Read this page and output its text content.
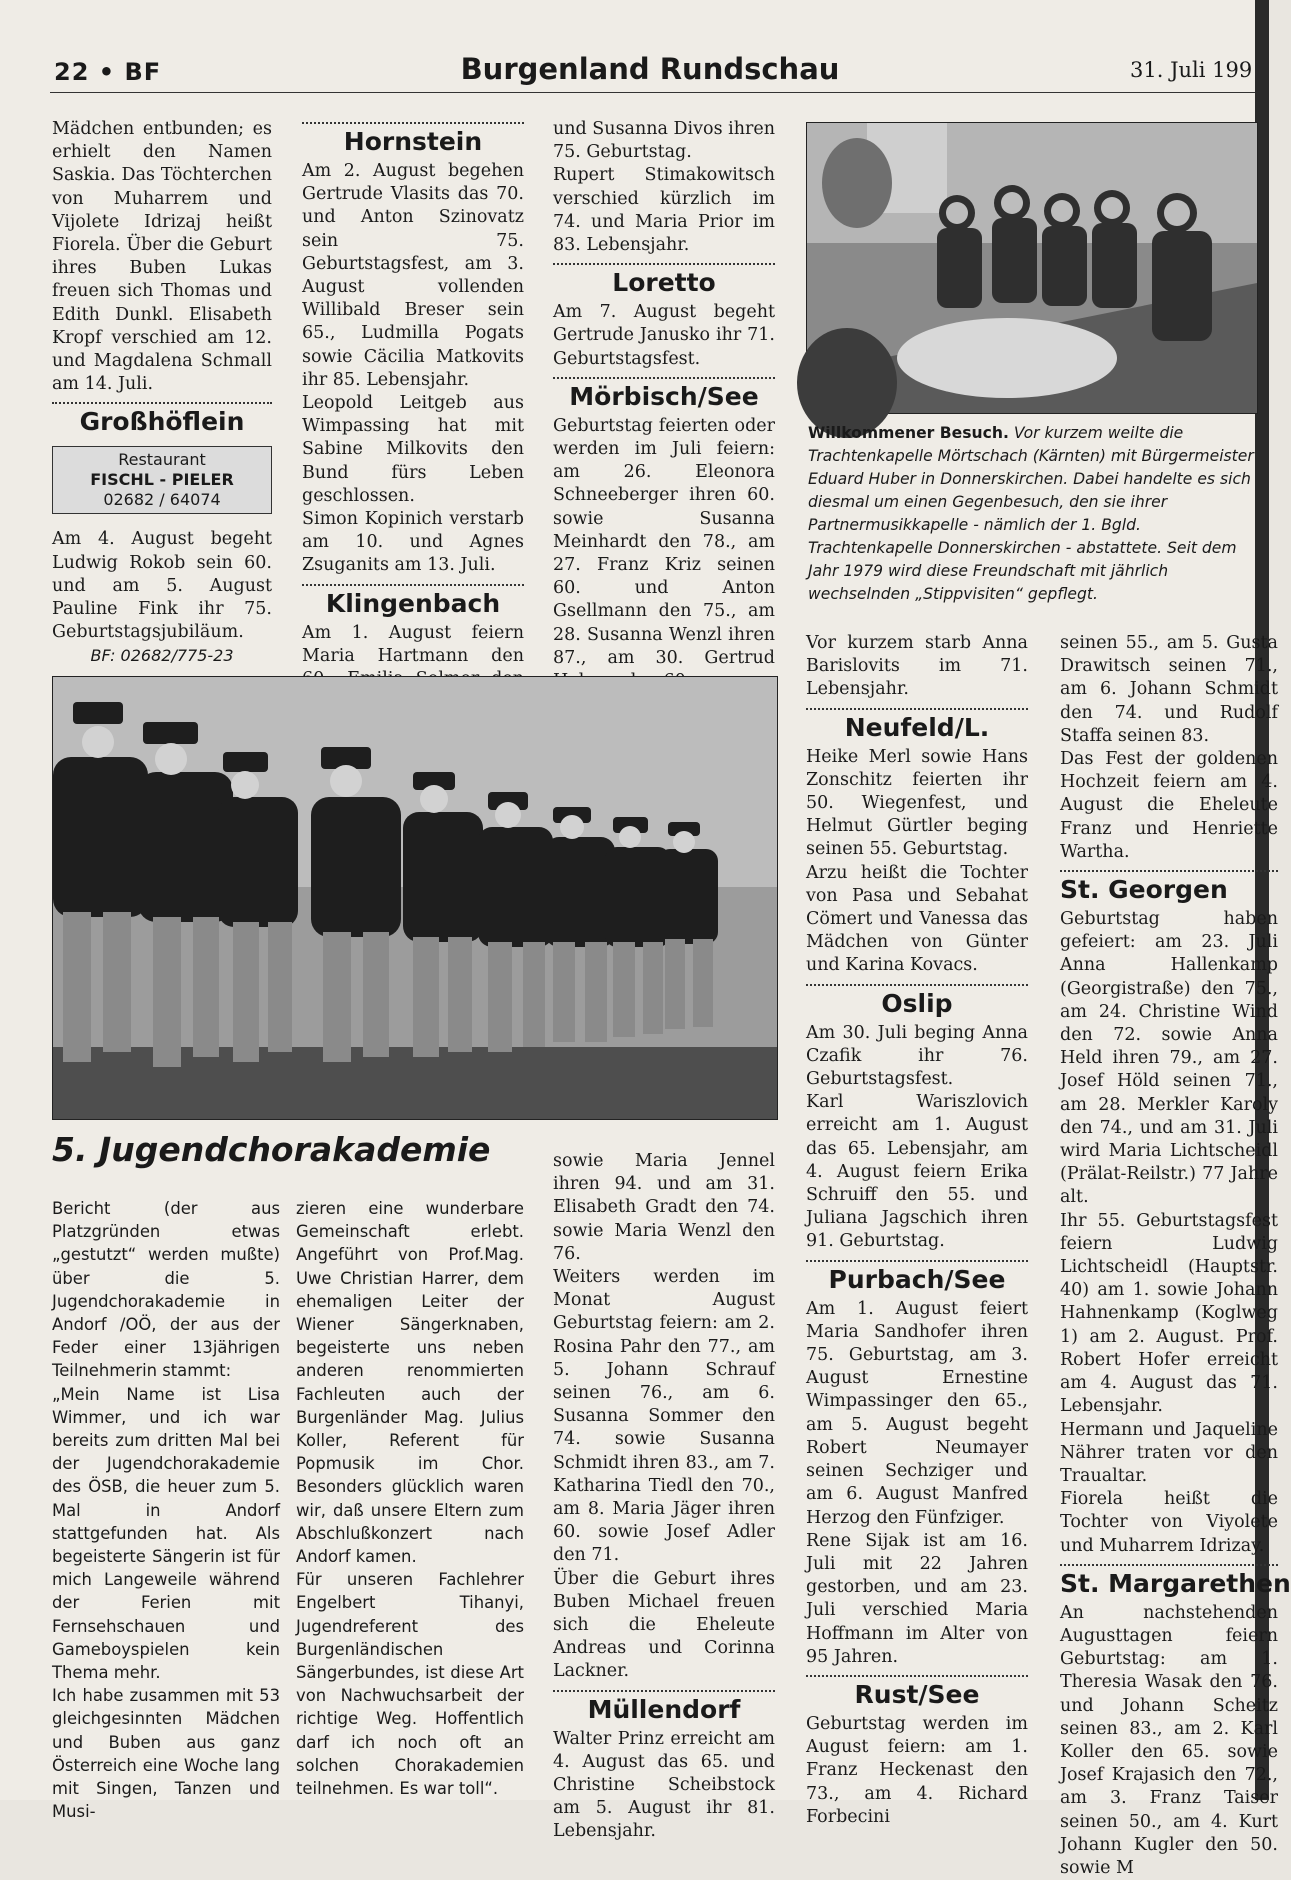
22 • BF	Burgenland Rundschau	31. Juli 199

Mädchen entbunden; es erhielt den Namen Saskia. Das Töchterchen von Muharrem und Vijolete Idrizaj heißt Fiorela. Über die Geburt ihres Buben Lukas freuen sich Thomas und Edith Dunkl. Elisabeth Kropf verschied am 12. und Magdalena Schmall am 14. Juli.

Großhöflein
Restaurant
FISCHL - PIELER
02682 / 64074

Am 4. August begeht Ludwig Rokob sein 60. und am 5. August Pauline Fink ihr 75. Geburtstagsjubiläum.

BF: 02682/775-23
Hornstein

Am 2. August begehen Gertrude Vlasits das 70. und Anton Szinovatz sein 75. Geburtstagsfest, am 3. August vollenden Willibald Breser sein 65., Ludmilla Pogats sowie Cäcilia Matkovits ihr 85. Lebensjahr.

Leopold Leitgeb aus Wimpassing hat mit Sabine Milkovits den Bund fürs Leben geschlossen.

Simon Kopinich verstarb am 10. und Agnes Zsuganits am 13. Juli.

Klingenbach

Am 1. August feiern Maria Hartmann den

und Susanna Divos ihren 75. Geburtstag.

Rupert Stimakowitsch verschied kürzlich im 74. und Maria Prior im 83. Lebensjahr.

Loretto

Am 7. August begeht Gertrude Janusko ihr 71. Geburtstagsfest.

Mörbisch/See

Geburtstag feierten oder werden im Juli feiern: am 26. Eleonora Schneeberger ihren 60. sowie Susanna Meinhardt den 78., am 27. Franz Kriz seinen 60. und Anton Gsellmann den 75., am 28. Susanna Wenzl ihren 87., am 30. Gertrud

Willkommener Besuch. Vor kurzem weilte die Trachtenkapelle Mörtschach (Kärnten) mit Bürgermeister Eduard Huber in Donnerskirchen. Dabei handelte es sich diesmal um einen Gegenbesuch, den sie ihrer Partnermusikkapelle - nämlich der 1. Bgld. Trachtenkapelle Donnerskirchen - abstattete. Seit dem Jahr 1979 wird diese Freundschaft mit jährlich wechselnden „Stippvisiten“ gepflegt.
5. Jugendchorakademie

Bericht (der aus Platzgründen etwas „gestutzt“ werden mußte) über die 5. Jugendchorakademie in Andorf /OÖ, der aus der Feder einer 13jährigen Teilnehmerin stammt:

„Mein Name ist Lisa Wimmer, und ich war bereits zum dritten Mal bei der Jugendchorakademie des ÖSB, die heuer zum 5. Mal in Andorf stattgefunden hat. Als begeisterte Sängerin ist für mich Langeweile während der Ferien mit Fernsehschauen und Gameboyspielen kein Thema mehr.

Ich habe zusammen mit 53 gleichgesinnten Mädchen und Buben aus ganz Österreich eine Woche lang mit Singen, Tanzen und Musi-

zieren eine wunderbare Gemeinschaft erlebt. Angeführt von Prof.Mag. Uwe Christian Harrer, dem ehemaligen Leiter der Wiener Sängerknaben, begeisterte uns neben anderen renommierten Fachleuten auch der Burgenländer Mag. Julius Koller, Referent für Popmusik im Chor. Besonders glücklich waren wir, daß unsere Eltern zum Abschlußkonzert nach Andorf kamen.

Für unseren Fachlehrer Engelbert Tihanyi, Jugendreferent des Burgenländischen Sängerbundes, ist diese Art von Nachwuchsarbeit der richtige Weg. Hoffentlich darf ich noch oft an solchen Chorakademien teilnehmen. Es war toll“.

sowie Maria Jennel ihren 94. und am 31. Elisabeth Gradt den 74. sowie Maria Wenzl den 76.

Weiters werden im Monat August Geburtstag feiern: am 2. Rosina Pahr den 77., am 5. Johann Schrauf seinen 76., am 6. Susanna Sommer den 74. sowie Susanna Schmidt ihren 83., am 7. Katharina Tiedl den 70., am 8. Maria Jäger ihren 60. sowie Josef Adler den 71.

Über die Geburt ihres Buben Michael freuen sich die Eheleute Andreas und Corinna Lackner.

Müllendorf

Walter Prinz erreicht am 4. August das 65. und Christine Scheibstock am 5. August ihr 81. Lebensjahr.

Vor kurzem starb Anna Barislovits im 71. Lebensjahr.

Neufeld/L.

Heike Merl sowie Hans Zonschitz feierten ihr 50. Wiegenfest, und Helmut Gürtler beging seinen 55. Geburtstag.

Arzu heißt die Tochter von Pasa und Sebahat Cömert und Vanessa das Mädchen von Günter und Karina Kovacs.

Oslip

Am 30. Juli beging Anna Czafik ihr 76. Geburtstagsfest.

Karl Wariszlovich erreicht am 1. August das 65. Lebensjahr, am 4. August feiern Erika Schruiff den 55. und Juliana Jagschich ihren 91. Geburtstag.

Purbach/See

Am 1. August feiert Maria Sandhofer ihren 75. Geburtstag, am 3. August Ernestine Wimpassinger den 65., am 5. August begeht Robert Neumayer seinen Sechziger und am 6. August Manfred Herzog den Fünfziger.

Rene Sijak ist am 16. Juli mit 22 Jahren gestorben, und am 23. Juli verschied Maria Hoffmann im Alter von 95 Jahren.

Rust/See

Geburtstag werden im August feiern: am 1. Franz Heckenast den 73., am 4. Richard Forbecini

seinen 55., am 5. Gusta Drawitsch seinen 71., am 6. Johann Schmidt den 74. und Rudolf Staffa seinen 83.

Das Fest der goldenen Hochzeit feiern am 4. August die Eheleute Franz und Henriette Wartha.

St. Georgen

Geburtstag haben gefeiert: am 23. Juli Anna Hallenkamp (Georgistraße) den 75., am 24. Christine Wind den 72. sowie Anna Held ihren 79., am 27. Josef Höld seinen 71., am 28. Merkler Karoly den 74., und am 31. Juli wird Maria Lichtscheidl (Prälat-Reilstr.) 77 Jahre alt.

Ihr 55. Geburtstagsfest feiern Ludwig Lichtscheidl (Hauptstr. 40) am 1. sowie Johann Hahnenkamp (Koglweg 1) am 2. August. Prof. Robert Hofer erreicht am 4. August das 71. Lebensjahr.

Hermann und Jaqueline Nährer traten vor den Traualtar.

Fiorela heißt die Tochter von Viyolete und Muharrem Idrizay.

St. Margarethen

An nachstehenden Augusttagen feiern Geburtstag: am 1. Theresia Wasak den 76. und Johann Scheitz seinen 83., am 2. Karl Koller den 65. sowie Josef Krajasich den 72., am 3. Franz Taiser seinen 50., am 4. Kurt Johann Kugler den 50. sowie M
